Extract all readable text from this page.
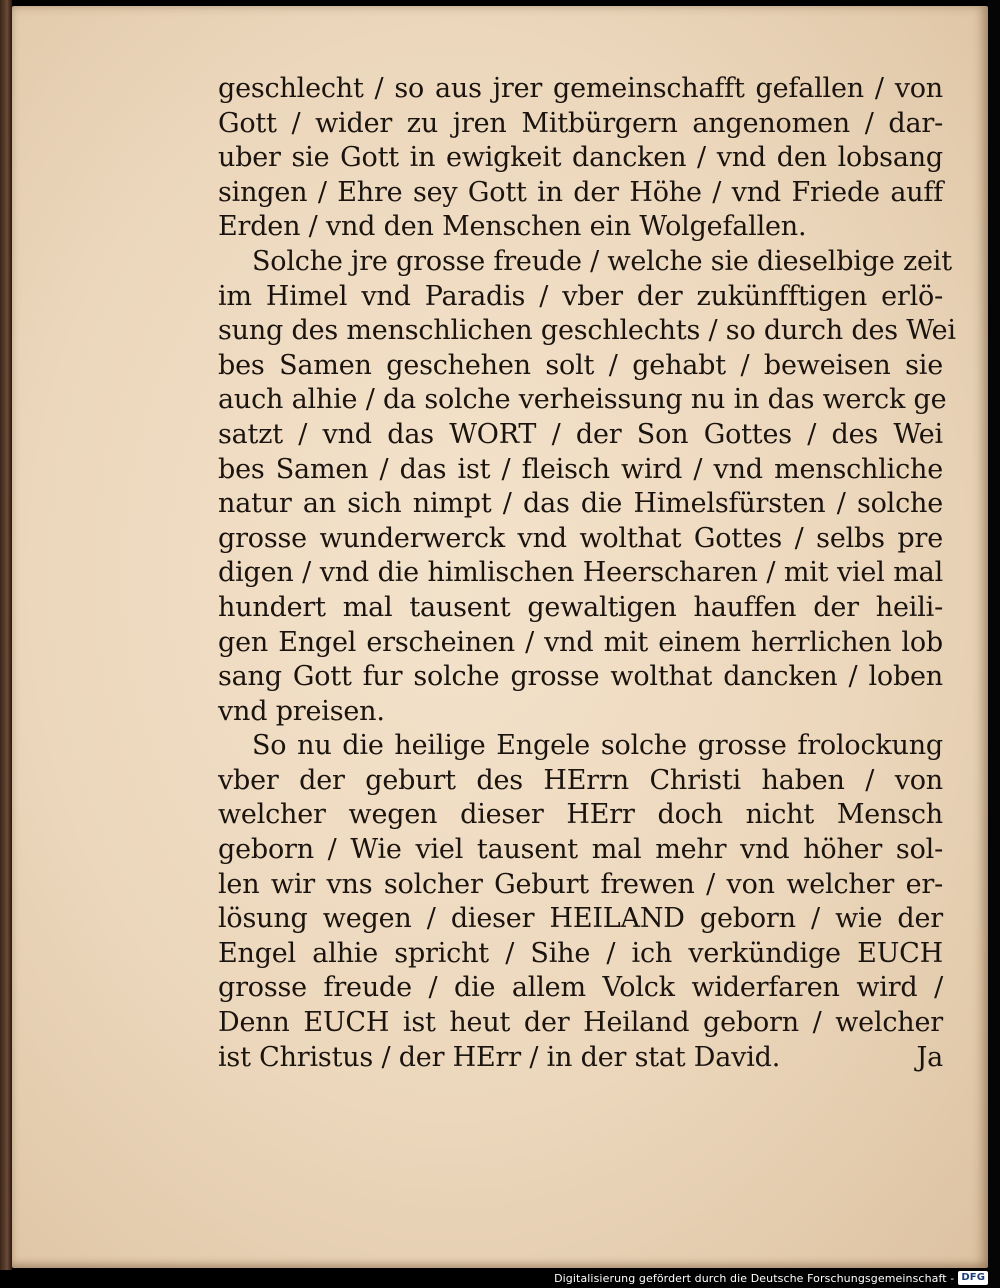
geschlecht / so aus jrer gemeinschafft gefallen / von
Gott / wider zu jren Mitbürgern angenomen / dar-
uber sie Gott in ewigkeit dancken / vnd den lobsang
singen / Ehre sey Gott in der Höhe / vnd Friede auff
Erden / vnd den Menschen ein Wolgefallen.
Solche jre grosse freude / welche sie dieselbige zeit
im Himel vnd Paradis / vber der zukünfftigen erlö-
sung des menschlichen geschlechts / so durch des Wei
bes Samen geschehen solt / gehabt / beweisen sie
auch alhie / da solche verheissung nu in das werck ge
satzt / vnd das WORT / der Son Gottes / des Wei
bes Samen / das ist / fleisch wird / vnd menschliche
natur an sich nimpt / das die Himelsfürsten / solche
grosse wunderwerck vnd wolthat Gottes / selbs pre
digen / vnd die himlischen Heerscharen / mit viel mal
hundert mal tausent gewaltigen hauffen der heili-
gen Engel erscheinen / vnd mit einem herrlichen lob
sang Gott fur solche grosse wolthat dancken / loben
vnd preisen.
So nu die heilige Engele solche grosse frolockung
vber der geburt des HErrn Christi haben / von
welcher wegen dieser HErr doch nicht Mensch
geborn / Wie viel tausent mal mehr vnd höher sol-
len wir vns solcher Geburt frewen / von welcher er-
lösung wegen / dieser HEILAND geborn / wie der
Engel alhie spricht / Sihe / ich verkündige EUCH
grosse freude / die allem Volck widerfaren wird /
Denn EUCH ist heut der Heiland geborn / welcher
ist Christus / der HErr / in der stat David.	Ja
Digitalisierung gefördert durch die Deutsche Forschungsgemeinschaft - DFG
